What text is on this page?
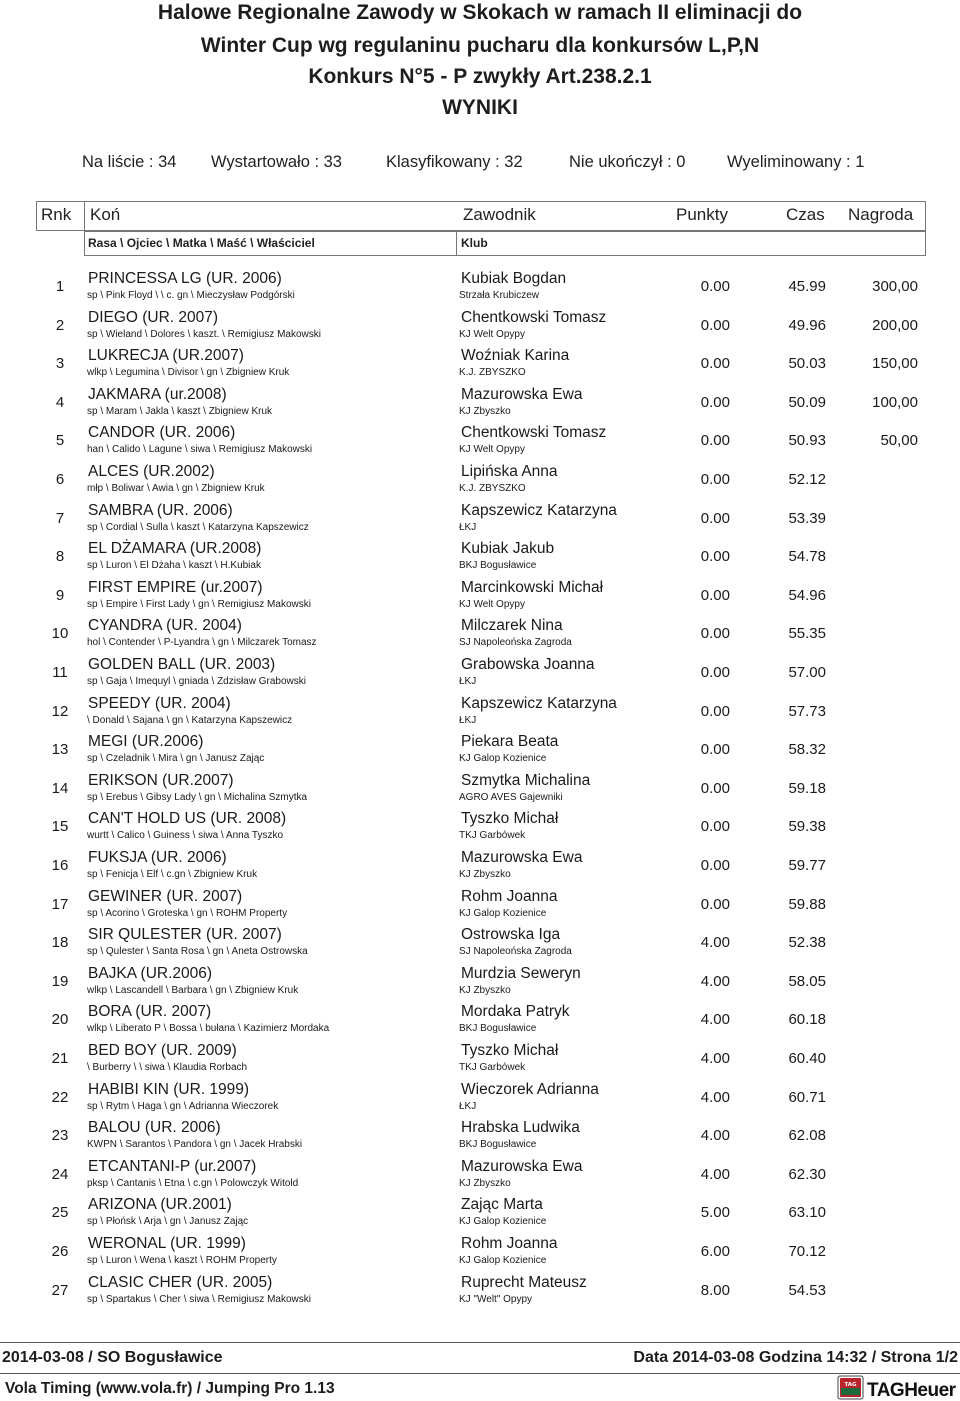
Halowe Regionalne Zawody w Skokach w ramach II eliminacji do
Winter Cup wg regulaninu pucharu dla konkursów L,P,N
Konkurs N°5 - P zwykły Art.238.2.1
WYNIKI
Na liście : 34 Wystartowało : 33	Klasyfikowany : 32	Nie ukończył : 0	Wyeliminowany : 1
Rnk Koń	Zawodnik	Punkty	Czas Nagroda
Rasa \ Ojciec \ Matka \ Maść \ Właściciel	Klub
1	PRINCESSA LG (UR. 2006)
sp \ Pink Floyd \ \ c. gn \ Mieczysław Podgórski
Kubiak Bogdan
Strzała Krubiczew
0.00	45.99	300,00
2	DIEGO (UR. 2007)
sp \ Wieland \ Dolores \ kaszt. \ Remigiusz Makowski
Chentkowski Tomasz
KJ Welt Opypy
0.00	49.96	200,00
3	LUKRECJA (UR.2007)
wlkp \ Legumina \ Divisor \ gn \ Zbigniew Kruk
Woźniak Karina
K.J. ZBYSZKO
0.00	50.03	150,00
4	JAKMARA (ur.2008)
sp \ Maram \ Jakla \ kaszt \ Zbigniew Kruk
Mazurowska Ewa
KJ Zbyszko
0.00	50.09	100,00
5	CANDOR (UR. 2006)
han \ Calido \ Lagune \ siwa \ Remigiusz Makowski
Chentkowski Tomasz
KJ Welt Opypy
0.00	50.93	50,00
6	ALCES (UR.2002)
młp \ Boliwar \ Awia \ gn \ Zbigniew Kruk
Lipińska Anna
K.J. ZBYSZKO
0.00	52.12
7	SAMBRA (UR. 2006)
sp \ Cordial \ Sulla \ kaszt \ Katarzyna Kapszewicz
Kapszewicz Katarzyna
ŁKJ
0.00	53.39
8	EL DŻAMARA (UR.2008)
sp \ Luron \ El Dżaha \ kaszt \ H.Kubiak
Kubiak Jakub
BKJ Bogusławice
0.00	54.78
9	FIRST EMPIRE (ur.2007)
sp \ Empire \ First Lady \ gn \ Remigiusz Makowski
Marcinkowski Michał
KJ Welt Opypy
0.00	54.96
10	CYANDRA (UR. 2004)
hol \ Contender \ P-Lyandra \ gn \ Milczarek Tomasz
Milczarek Nina
SJ Napoleońska Zagroda
0.00	55.35
11	GOLDEN BALL (UR. 2003)
sp \ Gaja \ Imequyl \ gniada \ Zdzisław Grabowski
Grabowska Joanna
ŁKJ
0.00	57.00
12	SPEEDY (UR. 2004)
\ Donald \ Sajana \ gn \ Katarzyna Kapszewicz
Kapszewicz Katarzyna
ŁKJ
0.00	57.73
13	MEGI (UR.2006)
sp \ Czeladnik \ Mira \ gn \ Janusz Zając
Piekara Beata
KJ Galop Kozienice
0.00	58.32
14	ERIKSON (UR.2007)
sp \ Erebus \ Gibsy Lady \ gn \ Michalina Szmytka
Szmytka Michalina
AGRO AVES Gajewniki
0.00	59.18
15	CAN'T HOLD US (UR. 2008)
wurtt \ Calico \ Guiness \ siwa \ Anna Tyszko
Tyszko Michał
TKJ Garbówek
0.00	59.38
16	FUKSJA (UR. 2006)
sp \ Fenicja \ Elf \ c.gn \ Zbigniew Kruk
Mazurowska Ewa
KJ Zbyszko
0.00	59.77
17	GEWINER (UR. 2007)
sp \ Acorino \ Groteska \ gn \ ROHM Property
Rohm Joanna
KJ Galop Kozienice
0.00	59.88
18	SIR QULESTER (UR. 2007)
sp \ Qulester \ Santa Rosa \ gn \ Aneta Ostrowska
Ostrowska Iga
SJ Napoleońska Zagroda
4.00	52.38
19	BAJKA (UR.2006)
wlkp \ Lascandell \ Barbara \ gn \ Zbigniew Kruk
Murdzia Seweryn
KJ Zbyszko
4.00	58.05
20	BORA (UR. 2007)
wlkp \ Liberato P \ Bossa \ bułana \ Kazimierz Mordaka
Mordaka Patryk
BKJ Bogusławice
4.00	60.18
21	BED BOY (UR. 2009)
\ Burberry \ \ siwa \ Klaudia Rorbach
Tyszko Michał
TKJ Garbówek
4.00	60.40
22	HABIBI KIN (UR. 1999)
sp \ Rytm \ Haga \ gn \ Adrianna Wieczorek
Wieczorek Adrianna
ŁKJ
4.00	60.71
23	BALOU (UR. 2006)
KWPN \ Sarantos \ Pandora \ gn \ Jacek Hrabski
Hrabska Ludwika
BKJ Bogusławice
4.00	62.08
24	ETCANTANI-P (ur.2007)
pksp \ Cantanis \ Etna \ c.gn \ Polowczyk Witold
Mazurowska Ewa
KJ Zbyszko
4.00	62.30
25	ARIZONA (UR.2001)
sp \ Płońsk \ Arja \ gn \ Janusz Zając
Zając Marta
KJ Galop Kozienice
5.00	63.10
26	WERONAL (UR. 1999)
sp \ Luron \ Wena \ kaszt \ ROHM Property
Rohm Joanna
KJ Galop Kozienice
6.00	70.12
27	CLASIC CHER (UR. 2005)
sp \ Spartakus \ Cher \ siwa \ Remigiusz Makowski
Ruprecht Mateusz
KJ "Welt" Opypy
8.00	54.53
2014-03-08 / SO Bogusławice	Data 2014-03-08 Godzina 14:32 / Strona 1/2
Vola Timing (www.vola.fr) / Jumping Pro 1.13	TAG TAGHeuer
